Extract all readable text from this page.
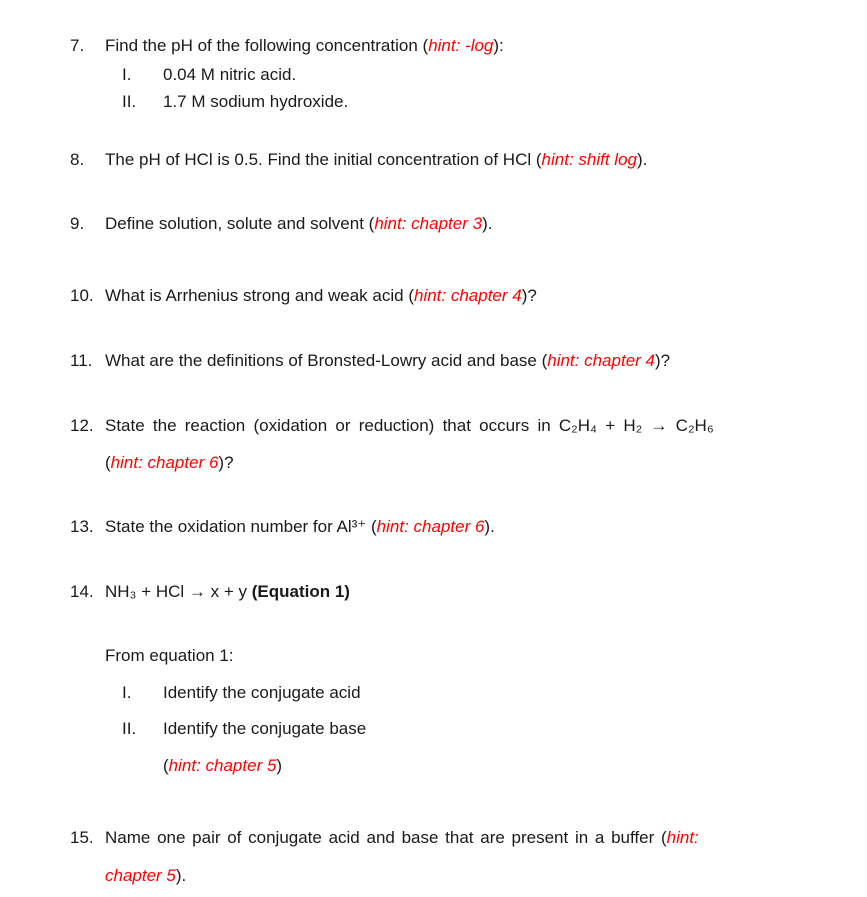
7. Find the pH of the following concentration (hint: -log):
I. 0.04 M nitric acid.
II. 1.7 M sodium hydroxide.
8. The pH of HCl is 0.5. Find the initial concentration of HCl (hint: shift log).
9. Define solution, solute and solvent (hint: chapter 3).
10. What is Arrhenius strong and weak acid (hint: chapter 4)?
11. What are the definitions of Bronsted-Lowry acid and base (hint: chapter 4)?
12. State the reaction (oxidation or reduction) that occurs in C₂H₄ + H₂ → C₂H₆
(hint: chapter 6)?
13. State the oxidation number for Al³⁺ (hint: chapter 6).
14. NH₃ + HCl → x + y (Equation 1)
From equation 1:
I. Identify the conjugate acid
II. Identify the conjugate base
(hint: chapter 5)
15. Name one pair of conjugate acid and base that are present in a buffer (hint:
chapter 5).
